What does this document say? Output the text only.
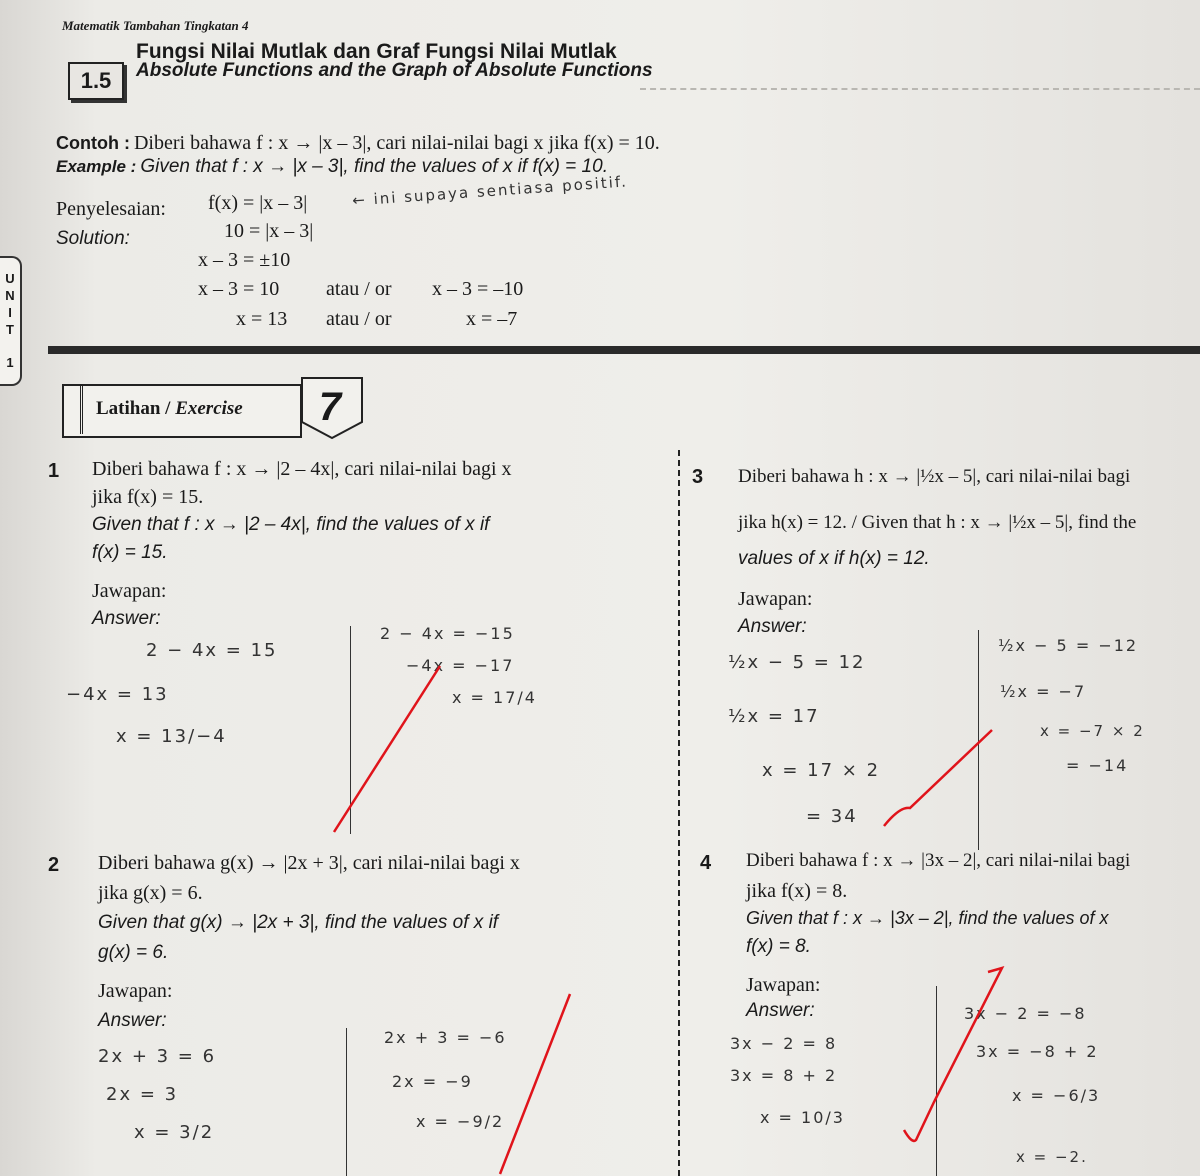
Matematik Tambahan Tingkatan 4
1.5
Fungsi Nilai Mutlak dan Graf Fungsi Nilai Mutlak
Absolute Functions and the Graph of Absolute Functions
U
N
I
T
1
Contoh : Diberi bahawa f : x → |x – 3|, cari nilai-nilai bagi x jika f(x) = 10.
Example : Given that f : x → |x – 3|, find the values of x if f(x) = 10.
Penyelesaian:
Solution:
f(x) = |x – 3|
10 = |x – 3|
x – 3 = ±10
x – 3 = 10 atau / or x – 3 = –10
x = 13 atau / or	x = –7
← ini supaya sentiasa positif.
Latihan / Exercise	7
1 Diberi bahawa f : x → |2 – 4x|, cari nilai-nilai bagi x
jika f(x) = 15.
Given that f : x → |2 – 4x|, find the values of x if
f(x) = 15.
Jawapan:
Answer:
2 − 4x = 15
−4x = 13
x = 13/−4
2 − 4x = −15
−4x = −17
x = 17/4
2 Diberi bahawa g(x) → |2x + 3|, cari nilai-nilai bagi x
jika g(x) = 6.
Given that g(x) → |2x + 3|, find the values of x if
g(x) = 6.
Jawapan:
Answer:
2x + 3 = 6
2x = 3
x = 3/2
2x + 3 = −6
2x = −9
x = −9/2
3 Diberi bahawa h : x → |½x – 5|, cari nilai-nilai bagi
jika h(x) = 12. / Given that h : x → |½x – 5|, find the
values of x if h(x) = 12.
Jawapan:
Answer:
½x − 5 = 12
½x = 17
x = 17 × 2
= 34
½x − 5 = −12
½x = −7
x = −7 × 2
= −14
4 Diberi bahawa f : x → |3x – 2|, cari nilai-nilai bagi
jika f(x) = 8.
Given that f : x → |3x – 2|, find the values of x
f(x) = 8.
Jawapan:
Answer:
3x − 2 = 8
3x = 8 + 2
x = 10/3
3x − 2 = −8
3x = −8 + 2
x = −6/3
x = −2.
